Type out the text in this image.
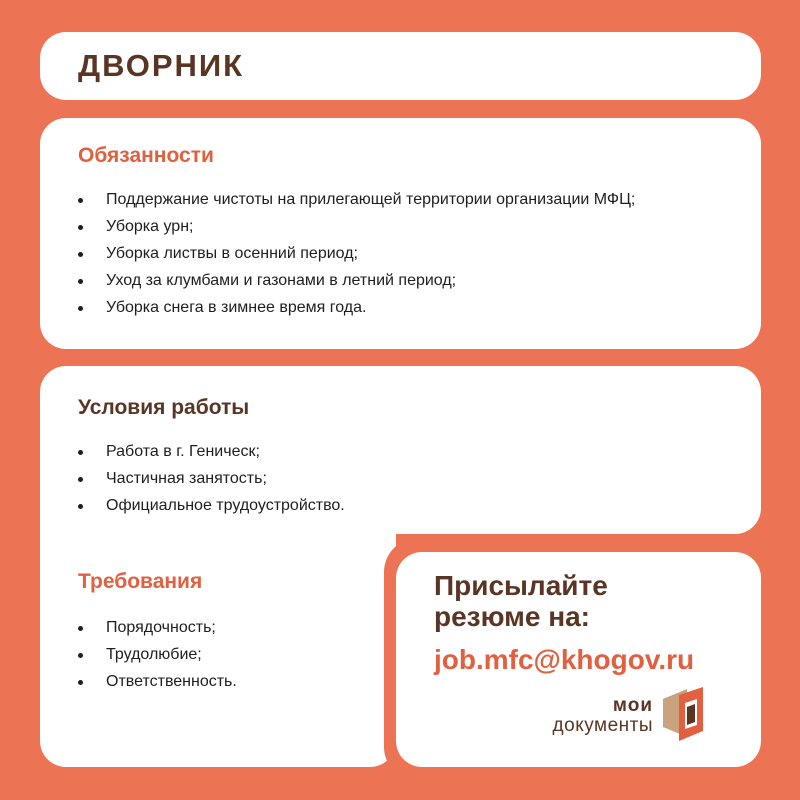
ДВОРНИК
Обязанности
Поддержание чистоты на прилегающей территории организации МФЦ;
Уборка урн;
Уборка листвы в осенний период;
Уход за клумбами и газонами в летний период;
Уборка снега в зимнее время года.
Условия работы
Работа в г. Геническ;
Частичная занятость;
Официальное трудоустройство.
Требования
Порядочность;
Трудолюбие;
Ответственность.
Присылайте
резюме на:
job.mfc@khogov.ru
мои
документы
